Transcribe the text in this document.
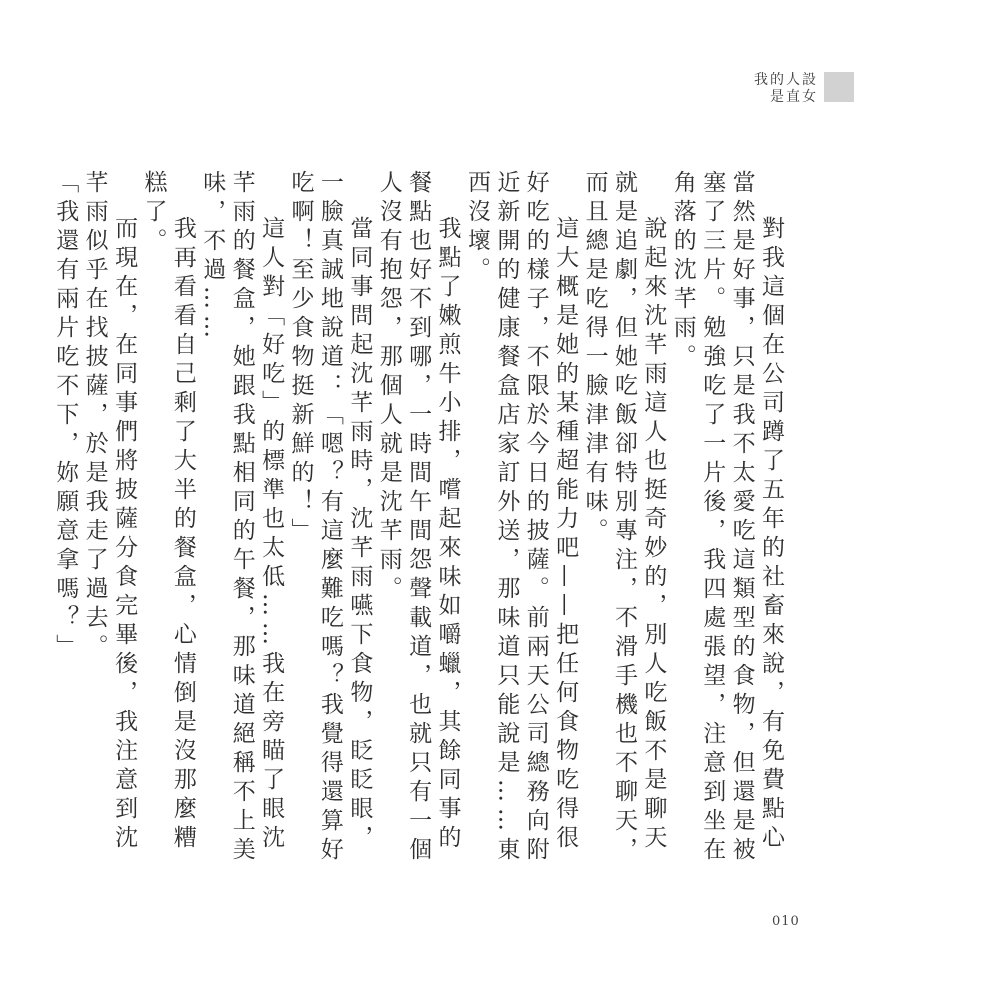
我的人設
是直女

對我這個在公司蹲了五年的社畜來說，有免費點心當然是好事，只是我不太愛吃這類型的食物，但還是被塞了三片。勉強吃了一片後，我四處張望，注意到坐在角落的沈芊雨。

說起來沈芊雨這人也挺奇妙的，別人吃飯不是聊天就是追劇，但她吃飯卻特別專注，不滑手機也不聊天，而且總是吃得一臉津津有味。

這大概是她的某種超能力吧——把任何食物吃得很好吃的樣子，不限於今日的披薩。前兩天公司總務向附近新開的健康餐盒店家訂外送，那味道只能說是……東西沒壞。

我點了嫩煎牛小排，嚐起來味如嚼蠟，其餘同事的餐點也好不到哪，一時間午間怨聲載道，也就只有一個人沒有抱怨，那個人就是沈芊雨。

當同事問起沈芊雨時，沈芊雨嚥下食物，眨眨眼，一臉真誠地說道：「嗯？有這麼難吃嗎？我覺得還算好吃啊！至少食物挺新鮮的！」

這人對「好吃」的標準也太低……我在旁瞄了眼沈芊雨的餐盒，她跟我點相同的午餐，那味道絕稱不上美味，不過……

我再看看自己剩了大半的餐盒，心情倒是沒那麼糟糕了。

而現在，在同事們將披薩分食完畢後，我注意到沈芊雨似乎在找披薩，於是我走了過去。

「我還有兩片吃不下，妳願意拿嗎？」

010
